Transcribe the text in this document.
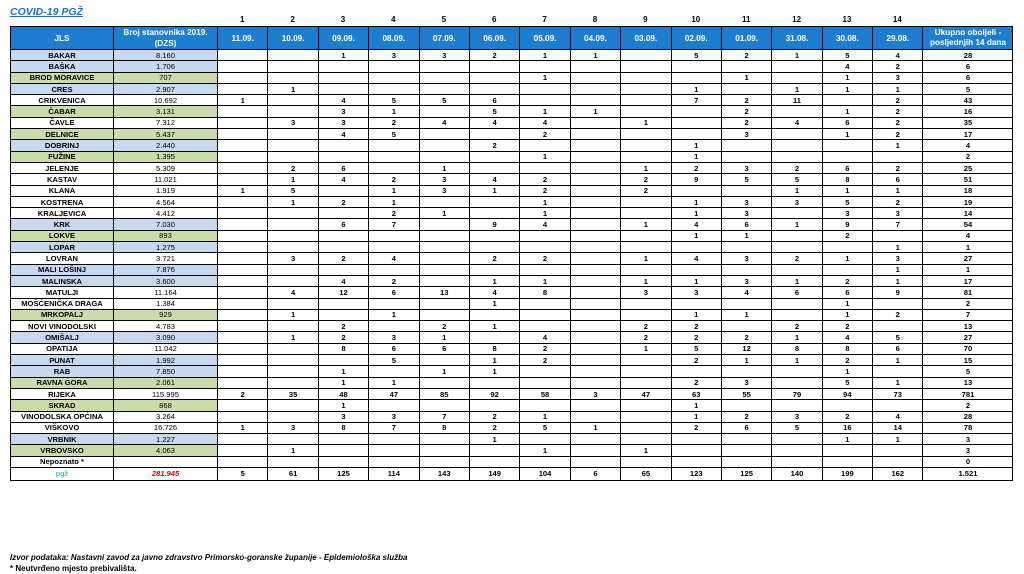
COVID-19 PGŽ
1	2	3	4	5	6	7	8	9	10	11	12	13	14
JLS	Broj stanovnika 2019. (DZS)	11.09.	10.09.	09.09.	08.09.	07.09.	06.09.	05.09.	04.09.	03.09.	02.09.	01.09.	31.08.	30.08.	29.08.	Ukupno oboljeli - posljednjih 14 dana
BAKAR	8.160			1	3	3	2	1	1		5	2	1	5	4	28
BAŠKA	1.706													4	2	6
BROD MORAVICE	707							1				1		1	3	6
CRES	2.907		1								1		1	1	1	5
CRIKVENICA	10.692	1		4	5	5	6				7	2	11		2	43
ČABAR	3.131			3	1		5	1	1			2		1	2	16
ČAVLE	7.312		3	3	2	4	4	4		1		2	4	6	2	35
DELNICE	5.437			4	5			2				3		1	2	17
DOBRINJ	2.440						2				1				1	4
FUŽINE	1.395							1			1					2
JELENJE	5.309		2	6		1				1	2	3	2	6	2	25
KASTAV	11.021		1	4	2	3	4	2		2	9	5	5	8	6	51
KLANA	1.919	1	5		1	3	1	2		2			1	1	1	18
KOSTRENA	4.564		1	2	1			1			1	3	3	5	2	19
KRALJEVICA	4.412				2	1		1			1	3		3	3	14
KRK	7.030			6	7		9	4		1	4	6	1	9	7	54
LOKVE	893										1	1		2		4
LOPAR	1.275														1	1
LOVRAN	3.721		3	2	4		2	2		1	4	3	2	1	3	27
MALI LOŠINJ	7.876														1	1
MALINSKA	3.600			4	2		1	1		1	1	3	1	2	1	17
MATULJI	11.164		4	12	6	13	4	8		3	3	4	6	6	9	81
MOŠĆENIČKA DRAGA	1.384						1							1		2
MRKOPALJ	929		1		1						1	1		1	2	7
NOVI VINODOLSKI	4.783			2		2	1			2	2		2	2		13
OMIŠALJ	3.090		1	2	3	1		4		2	2	2	1	4	5	27
OPATIJA	11.042			8	6	6	8	2		1	5	12	8	8	6	70
PUNAT	1.992				5		1	2			2	1	1	2	1	15
RAB	7.850			1		1	1							1		5
RAVNA GORA	2.061			1	1						2	3		5	1	13
RIJEKA	115.995	2	35	48	47	85	92	58	3	47	63	55	79	94	73	781
SKRAD	868			1							1					2
VINODOLSKA OPĆINA	3.264			3	3	7	2	1			1	2	3	2	4	28
VIŠKOVO	16.726	1	3	8	7	8	2	5	1		2	6	5	16	14	78
VRBNIK	1.227						1							1	1	3
VRBOVSKO	4.063		1					1		1						3
Nepoznato *																0
pgž	281.945	5	61	125	114	143	149	104	6	65	123	125	140	199	162	1.521
Izvor podataka: Nastavni zavod za javno zdravstvo Primorsko-goranske županije - Epidemiološka služba
* Neutvrđeno mjesto prebivališta.
